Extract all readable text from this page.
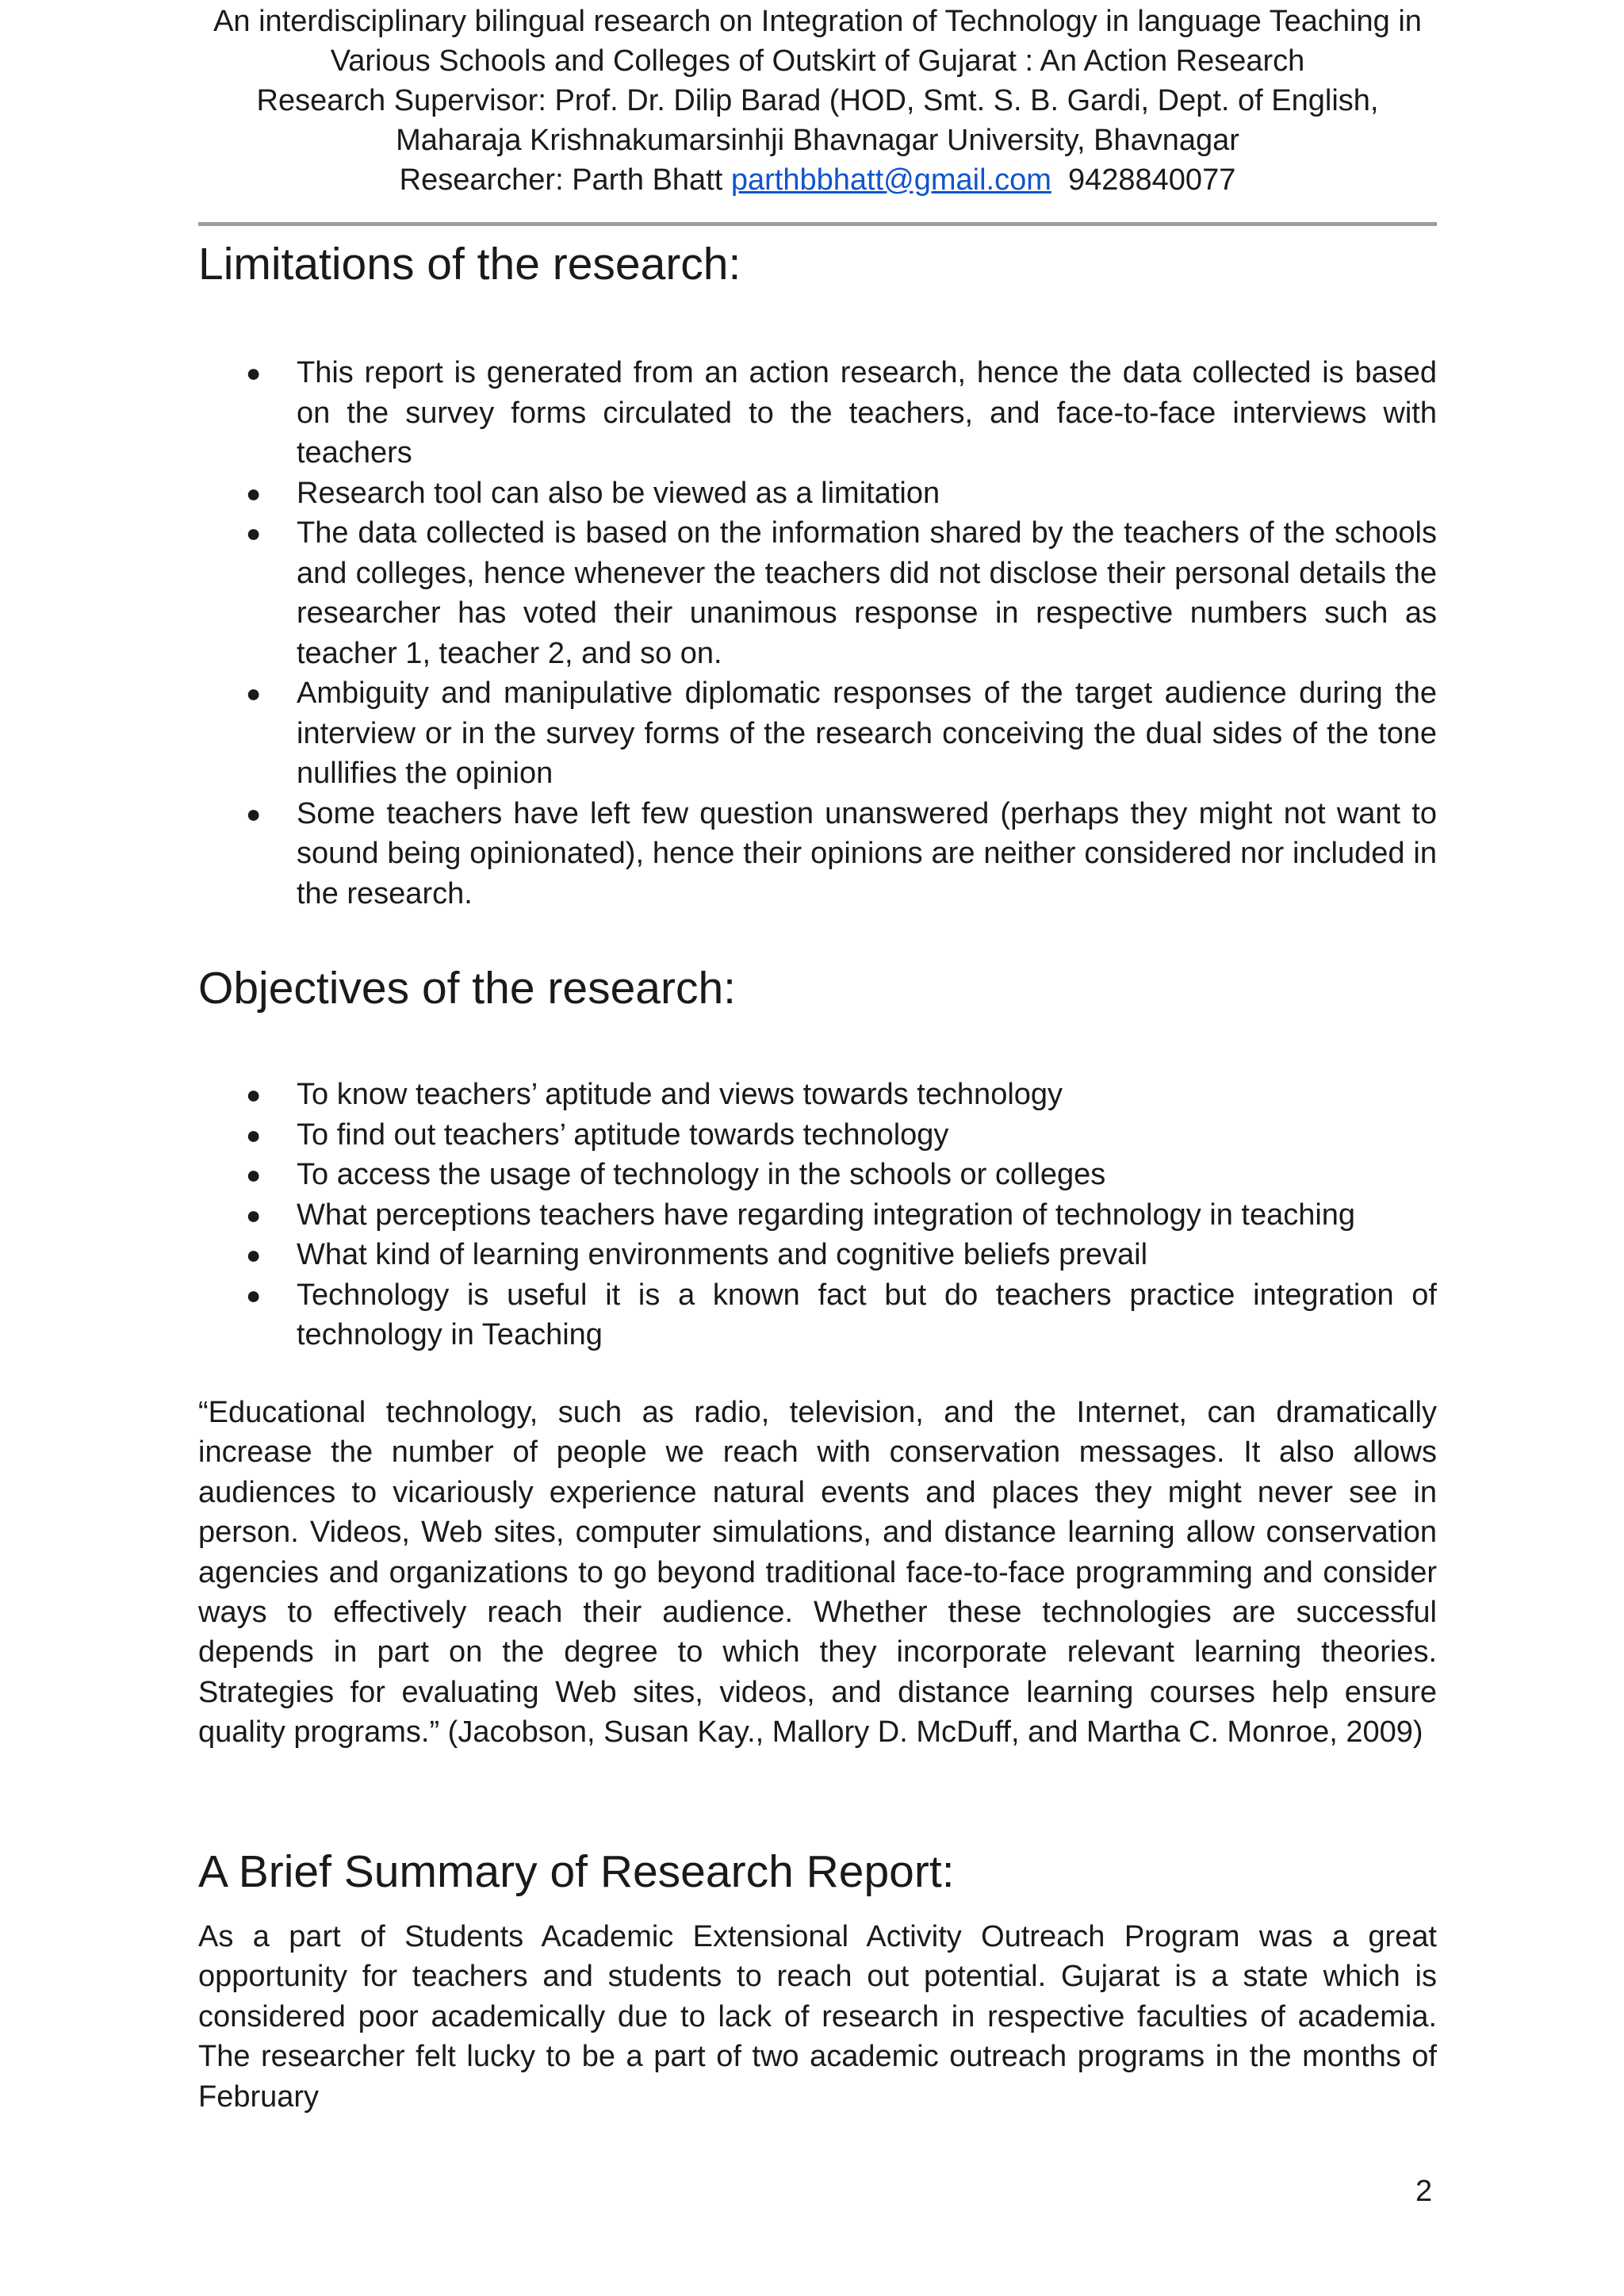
An interdisciplinary bilingual research on Integration of Technology in language Teaching in
Various Schools and Colleges of Outskirt of Gujarat : An Action Research
Research Supervisor: Prof. Dr. Dilip Barad (HOD, Smt. S. B. Gardi, Dept. of English,
Maharaja Krishnakumarsinhji Bhavnagar University, Bhavnagar
Researcher: Parth Bhatt parthbbhatt@gmail.com 9428840077
Limitations of the research:
● This report is generated from an action research, hence the data collected is based on the survey forms circulated to the teachers, and face-to-face interviews with teachers
● Research tool can also be viewed as a limitation
● The data collected is based on the information shared by the teachers of the schools and colleges, hence whenever the teachers did not disclose their personal details the researcher has voted their unanimous response in respective numbers such as teacher 1, teacher 2, and so on.
● Ambiguity and manipulative diplomatic responses of the target audience during the interview or in the survey forms of the research conceiving the dual sides of the tone nullifies the opinion
● Some teachers have left few question unanswered (perhaps they might not want to sound being opinionated), hence their opinions are neither considered nor included in the research.
Objectives of the research:
● To know teachers’ aptitude and views towards technology
● To find out teachers’ aptitude towards technology
● To access the usage of technology in the schools or colleges
● What perceptions teachers have regarding integration of technology in teaching
● What kind of learning environments and cognitive beliefs prevail
● Technology is useful it is a known fact but do teachers practice integration of technology in Teaching

“Educational technology, such as radio, television, and the Internet, can dramatically increase the number of people we reach with conservation messages. It also allows audiences to vicariously experience natural events and places they might never see in person. Videos, Web sites, computer simulations, and distance learning allow conservation agencies and organizations to go beyond traditional face-to-face programming and consider ways to effectively reach their audience. Whether these technologies are successful depends in part on the degree to which they incorporate relevant learning theories. Strategies for evaluating Web sites, videos, and distance learning courses help ensure quality programs.” (Jacobson, Susan Kay., Mallory D. McDuff, and Martha C. Monroe, 2009)

A Brief Summary of Research Report:

As a part of Students Academic Extensional Activity Outreach Program was a great opportunity for teachers and students to reach out potential. Gujarat is a state which is considered poor academically due to lack of research in respective faculties of academia. The researcher felt lucky to be a part of two academic outreach programs in the months of February

2
